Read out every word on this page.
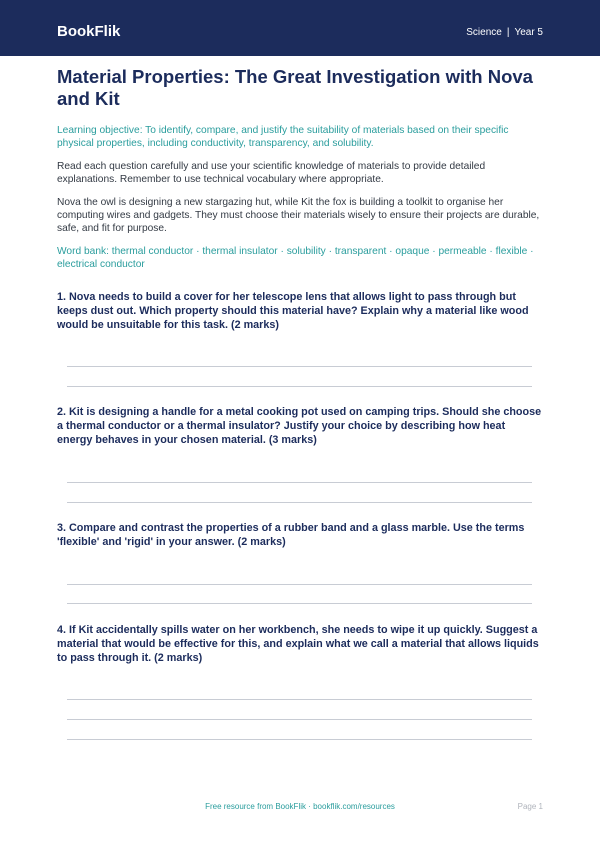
BookFlik	Science | Year 5
Material Properties: The Great Investigation with Nova and Kit

Learning objective: To identify, compare, and justify the suitability of materials based on their specific physical properties, including conductivity, transparency, and solubility.

Read each question carefully and use your scientific knowledge of materials to provide detailed explanations. Remember to use technical vocabulary where appropriate.

Nova the owl is designing a new stargazing hut, while Kit the fox is building a toolkit to organise her computing wires and gadgets. They must choose their materials wisely to ensure their projects are durable, safe, and fit for purpose.

Word bank: thermal conductor · thermal insulator · solubility · transparent · opaque · permeable · flexible · electrical conductor

1. Nova needs to build a cover for her telescope lens that allows light to pass through but keeps dust out. Which property should this material have? Explain why a material like wood would be unsuitable for this task. (2 marks)
2. Kit is designing a handle for a metal cooking pot used on camping trips. Should she choose a thermal conductor or a thermal insulator? Justify your choice by describing how heat energy behaves in your chosen material. (3 marks)
3. Compare and contrast the properties of a rubber band and a glass marble. Use the terms 'flexible' and 'rigid' in your answer. (2 marks)
4. If Kit accidentally spills water on her workbench, she needs to wipe it up quickly. Suggest a material that would be effective for this, and explain what we call a material that allows liquids to pass through it. (2 marks)
Free resource from BookFlik · bookflik.com/resources	Page 1
